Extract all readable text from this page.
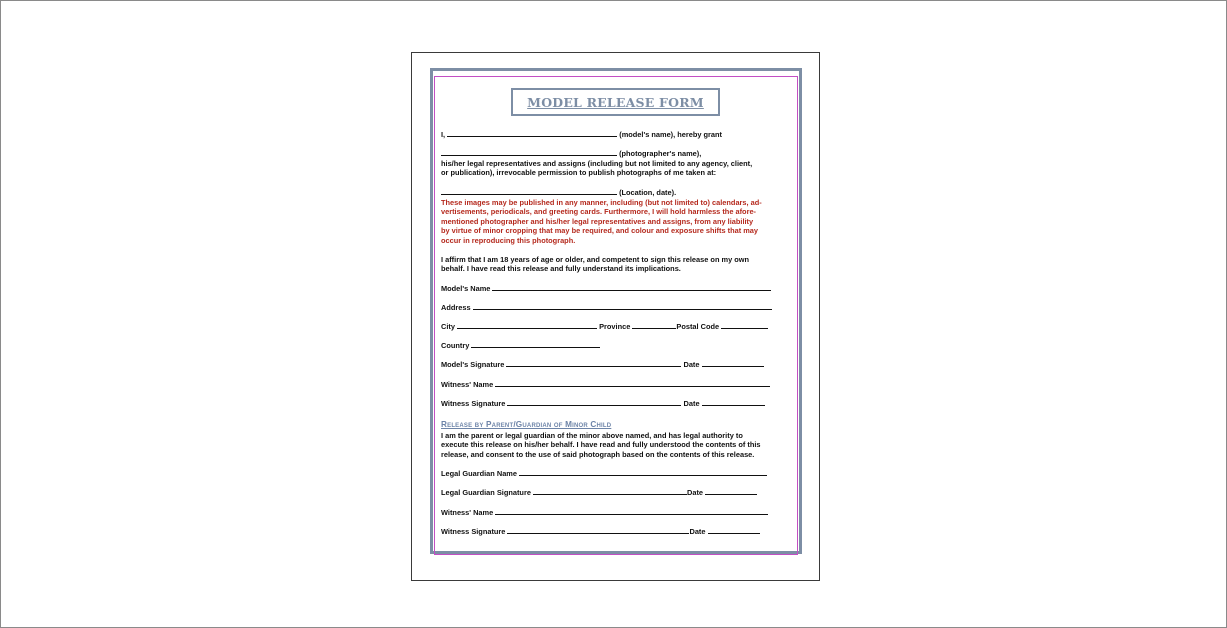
MODEL RELEASE FORM
I,	(model's name), hereby grant
(photographer's name),
his/her legal representatives and assigns (including but not limited to any agency, client,
or publication), irrevocable permission to publish photographs of me taken at:
(Location, date).
These images may be published in any manner, including (but not limited to) calendars, ad-
vertisements, periodicals, and greeting cards. Furthermore, I will hold harmless the afore-
mentioned photographer and his/her legal representatives and assigns, from any liability
by virtue of minor cropping that may be required, and colour and exposure shifts that may
occur in reproducing this photograph.
I affirm that I am 18 years of age or older, and competent to sign this release on my own
behalf. I have read this release and fully understand its implications.
Model's Name
Address
City	Province	Postal Code
Country
Model's Signature	Date
Witness' Name
Witness Signature	Date
Release by Parent/Guardian of Minor Child
I am the parent or legal guardian of the minor above named, and has legal authority to
execute this release on his/her behalf. I have read and fully understood the contents of this
release, and consent to the use of said photograph based on the contents of this release.
Legal Guardian Name
Legal Guardian Signature	Date
Witness' Name
Witness Signature	Date
